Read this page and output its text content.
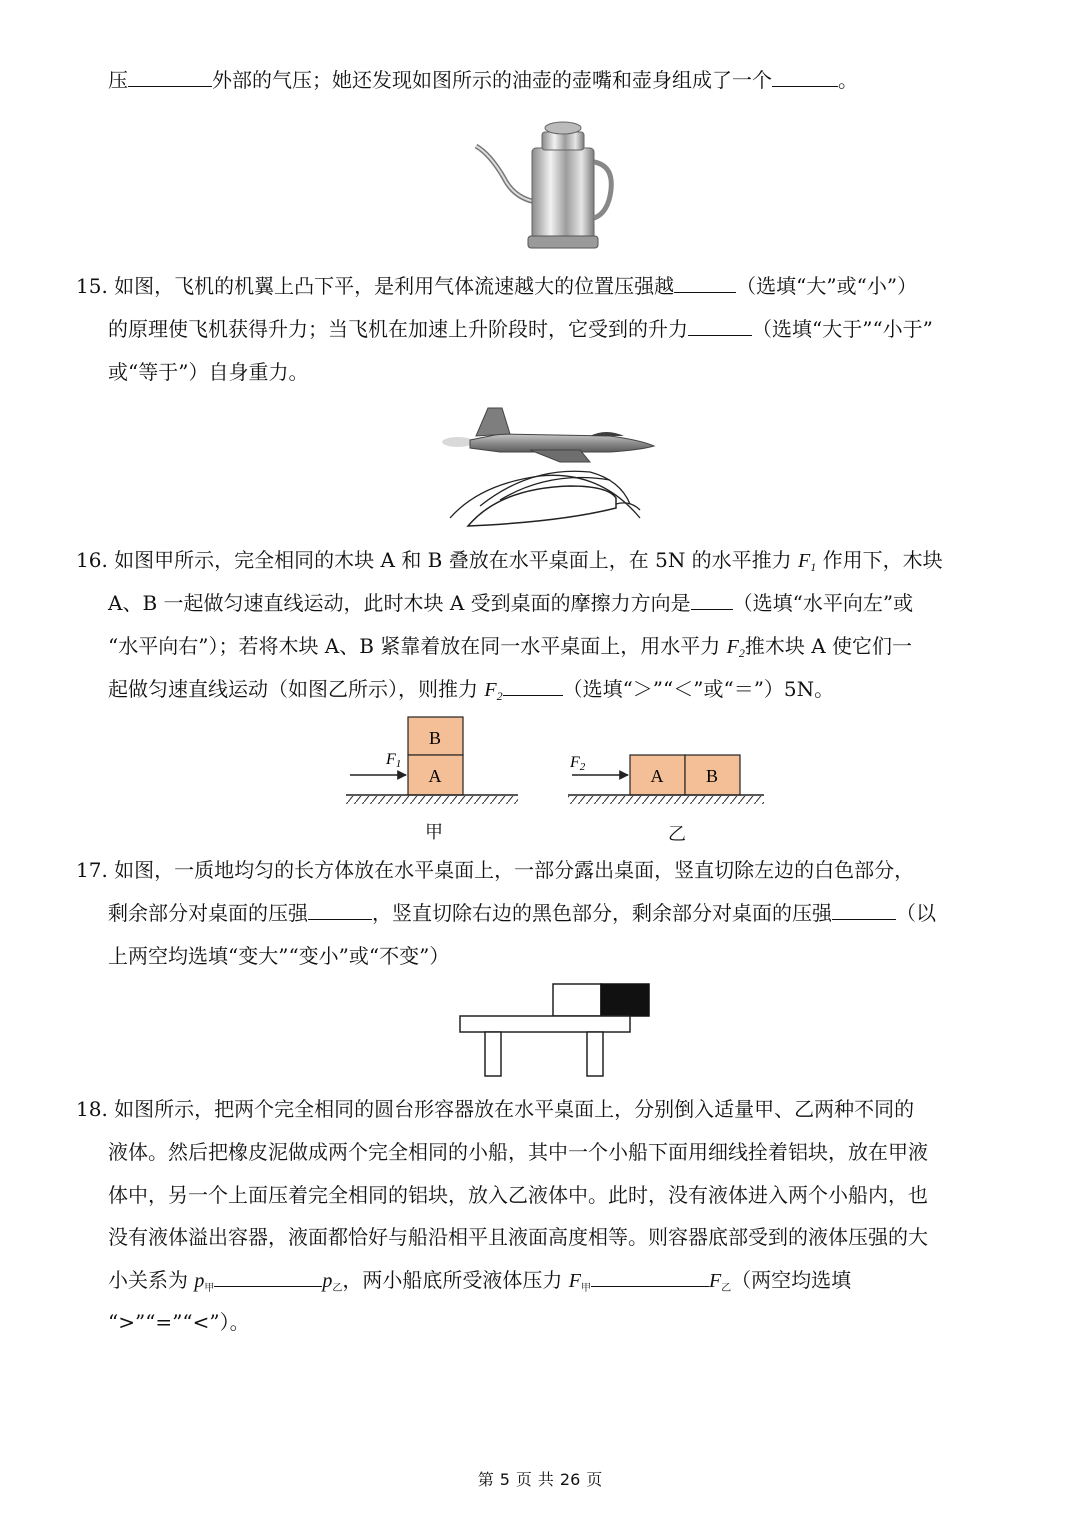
压	外部的气压；她还发现如图所示的油壶的壶嘴和壶身组成了一个	。
15. 如图，飞机的机翼上凸下平，是利用气体流速越大的位置压强越	（选填“大”或“小”）
的原理使飞机获得升力；当飞机在加速上升阶段时，它受到的升力	（选填“大于”“小于”
或“等于”）自身重力。
16. 如图甲所示，完全相同的木块 A 和 B 叠放在水平桌面上，在 5N 的水平推力 $F_1$ 作用下，木块
A、B 一起做匀速直线运动，此时木块 A 受到桌面的摩擦力方向是 （选填“水平向左”或
“水平向右”）；若将木块 A、B 紧靠着放在同一水平桌面上，用水平力 $F_2$推木块 A 使它们一
起做匀速直线运动（如图乙所示），则推力 $F_2$	（选填“＞”“＜”或“＝”）5N。
B
A
F1
A B
F2
甲	乙
17. 如图，一质地均匀的长方体放在水平桌面上，一部分露出桌面，竖直切除左边的白色部分，
剩余部分对桌面的压强	，竖直切除右边的黑色部分，剩余部分对桌面的压强	（以
上两空均选填“变大”“变小”或“不变”）
18. 如图所示，把两个完全相同的圆台形容器放在水平桌面上，分别倒入适量甲、乙两种不同的
液体。然后把橡皮泥做成两个完全相同的小船，其中一个小船下面用细线拴着铝块，放在甲液
体中，另一个上面压着完全相同的铝块，放入乙液体中。此时，没有液体进入两个小船内，也
没有液体溢出容器，液面都恰好与船沿相平且液面高度相等。则容器底部受到的液体压强的大
小关系为 $p_甲$	$p_乙$，两小船底所受液体压力 $F_甲$	$F_乙$（两空均选填
“>”“=”“<”）。
第 5 页 共 26 页
